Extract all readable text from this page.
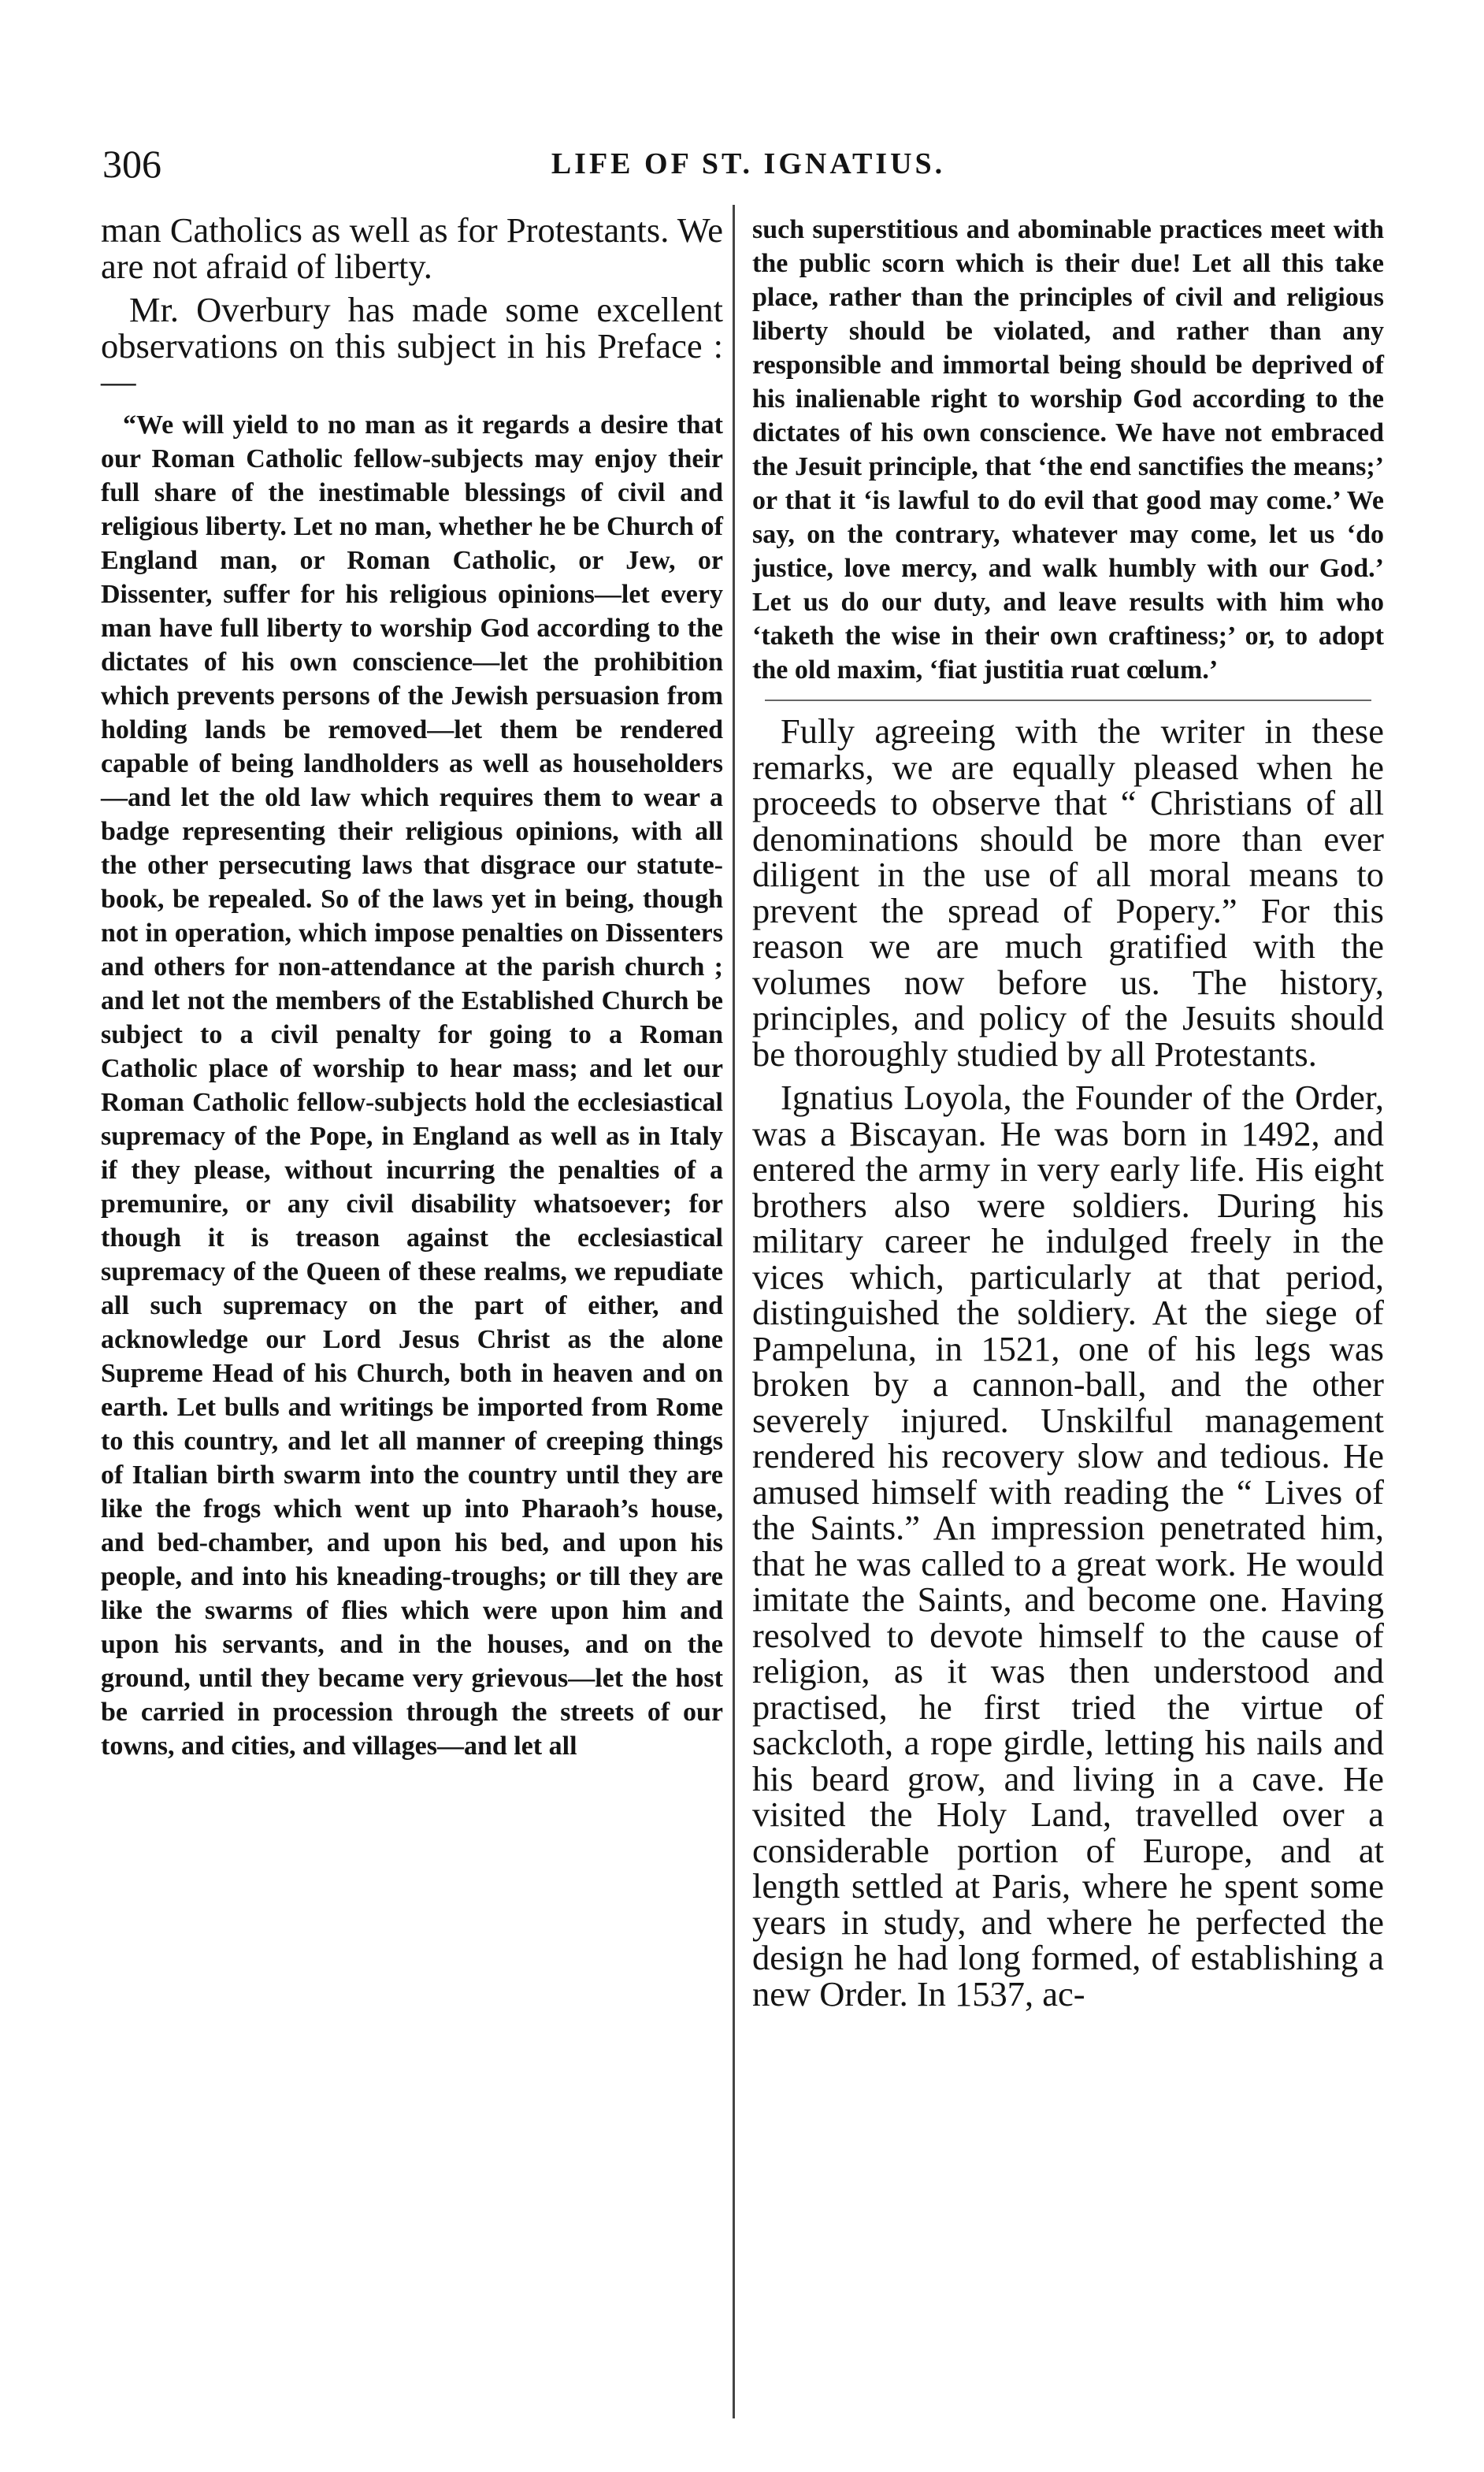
306	LIFE OF ST. IGNATIUS.

man Catholics as well as for Protestants. We are not afraid of liberty.

Mr. Overbury has made some excellent observations on this subject in his Preface :—

“We will yield to no man as it regards a desire that our Roman Catholic fellow-subjects may enjoy their full share of the inestimable blessings of civil and religious liberty. Let no man, whether he be Church of England man, or Roman Catholic, or Jew, or Dissenter, suffer for his religious opinions—let every man have full liberty to worship God according to the dictates of his own conscience—let the prohibition which prevents persons of the Jewish persuasion from holding lands be removed—let them be rendered capable of being landholders as well as householders—and let the old law which requires them to wear a badge representing their religious opinions, with all the other persecuting laws that disgrace our statute-book, be repealed. So of the laws yet in being, though not in operation, which impose penalties on Dissenters and others for non-attendance at the parish church ; and let not the members of the Established Church be subject to a civil penalty for going to a Roman Catholic place of worship to hear mass; and let our Roman Catholic fellow-subjects hold the ecclesiastical supremacy of the Pope, in England as well as in Italy if they please, without incurring the penalties of a premunire, or any civil disability whatsoever; for though it is treason against the ecclesiastical supremacy of the Queen of these realms, we repudiate all such supremacy on the part of either, and acknowledge our Lord Jesus Christ as the alone Supreme Head of his Church, both in heaven and on earth. Let bulls and writings be imported from Rome to this country, and let all manner of creeping things of Italian birth swarm into the country until they are like the frogs which went up into Pharaoh’s house, and bed-chamber, and upon his bed, and upon his people, and into his kneading-troughs; or till they are like the swarms of flies which were upon him and upon his servants, and in the houses, and on the ground, until they became very grievous—let the host be carried in procession through the streets of our towns, and cities, and villages—and let all

such superstitious and abominable practices meet with the public scorn which is their due! Let all this take place, rather than the principles of civil and religious liberty should be violated, and rather than any responsible and immortal being should be deprived of his inalienable right to worship God according to the dictates of his own conscience. We have not embraced the Jesuit principle, that ‘the end sanctifies the means;’ or that it ‘is lawful to do evil that good may come.’ We say, on the contrary, whatever may come, let us ‘do justice, love mercy, and walk humbly with our God.’ Let us do our duty, and leave results with him who ‘taketh the wise in their own craftiness;’ or, to adopt the old maxim, ‘fiat justitia ruat cœlum.’

Fully agreeing with the writer in these remarks, we are equally pleased when he proceeds to observe that “ Christians of all denominations should be more than ever diligent in the use of all moral means to prevent the spread of Popery.” For this reason we are much gratified with the volumes now before us. The history, principles, and policy of the Jesuits should be thoroughly studied by all Protestants.

Ignatius Loyola, the Founder of the Order, was a Biscayan. He was born in 1492, and entered the army in very early life. His eight brothers also were soldiers. During his military career he indulged freely in the vices which, particularly at that period, distinguished the soldiery. At the siege of Pampeluna, in 1521, one of his legs was broken by a cannon-ball, and the other severely injured. Unskilful management rendered his recovery slow and tedious. He amused himself with reading the “ Lives of the Saints.” An impression penetrated him, that he was called to a great work. He would imitate the Saints, and become one. Having resolved to devote himself to the cause of religion, as it was then understood and practised, he first tried the virtue of sackcloth, a rope girdle, letting his nails and his beard grow, and living in a cave. He visited the Holy Land, travelled over a considerable portion of Europe, and at length settled at Paris, where he spent some years in study, and where he perfected the design he had long formed, of establishing a new Order. In 1537, ac-
